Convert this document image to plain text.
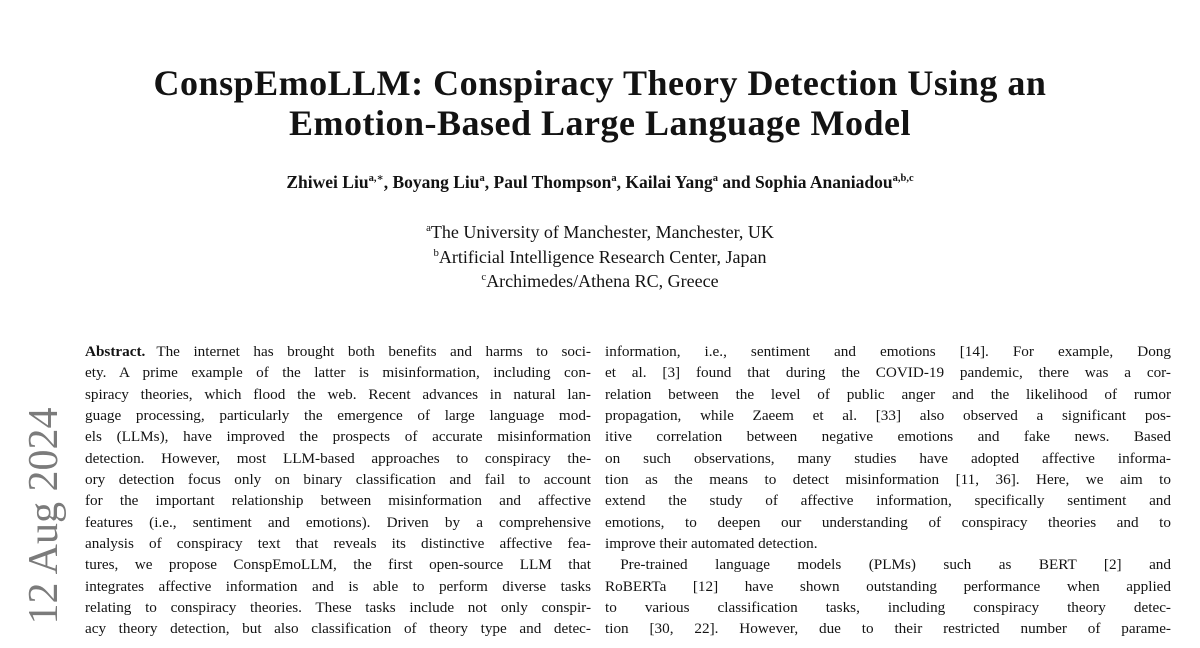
12 Aug 2024
ConspEmoLLM: Conspiracy Theory Detection Using an
Emotion-Based Large Language Model
Zhiwei Liu$^{a,∗}$, Boyang Liu$^a$, Paul Thompson$^a$, Kailai Yang$^a$ and Sophia Ananiadou$^{a,b,c}$
$^a$The University of Manchester, Manchester, UK
$^b$Artificial Intelligence Research Center, Japan
$^c$Archimedes/Athena RC, Greece
Abstract. The internet has brought both benefits and harms to soci-
ety. A prime example of the latter is misinformation, including con-
spiracy theories, which flood the web. Recent advances in natural lan-
guage processing, particularly the emergence of large language mod-
els (LLMs), have improved the prospects of accurate misinformation
detection. However, most LLM-based approaches to conspiracy the-
ory detection focus only on binary classification and fail to account
for the important relationship between misinformation and affective
features (i.e., sentiment and emotions). Driven by a comprehensive
analysis of conspiracy text that reveals its distinctive affective fea-
tures, we propose ConspEmoLLM, the first open-source LLM that
integrates affective information and is able to perform diverse tasks
relating to conspiracy theories. These tasks include not only conspir-
acy theory detection, but also classification of theory type and detec-
information, i.e., sentiment and emotions [14]. For example, Dong
et al. [3] found that during the COVID-19 pandemic, there was a cor-
relation between the level of public anger and the likelihood of rumor
propagation, while Zaeem et al. [33] also observed a significant pos-
itive correlation between negative emotions and fake news. Based
on such observations, many studies have adopted affective informa-
tion as the means to detect misinformation [11, 36]. Here, we aim to
extend the study of affective information, specifically sentiment and
emotions, to deepen our understanding of conspiracy theories and to
improve their automated detection.
 Pre-trained language models (PLMs) such as BERT [2] and
RoBERTa [12] have shown outstanding performance when applied
to various classification tasks, including conspiracy theory detec-
tion [30, 22]. However, due to their restricted number of parame-
